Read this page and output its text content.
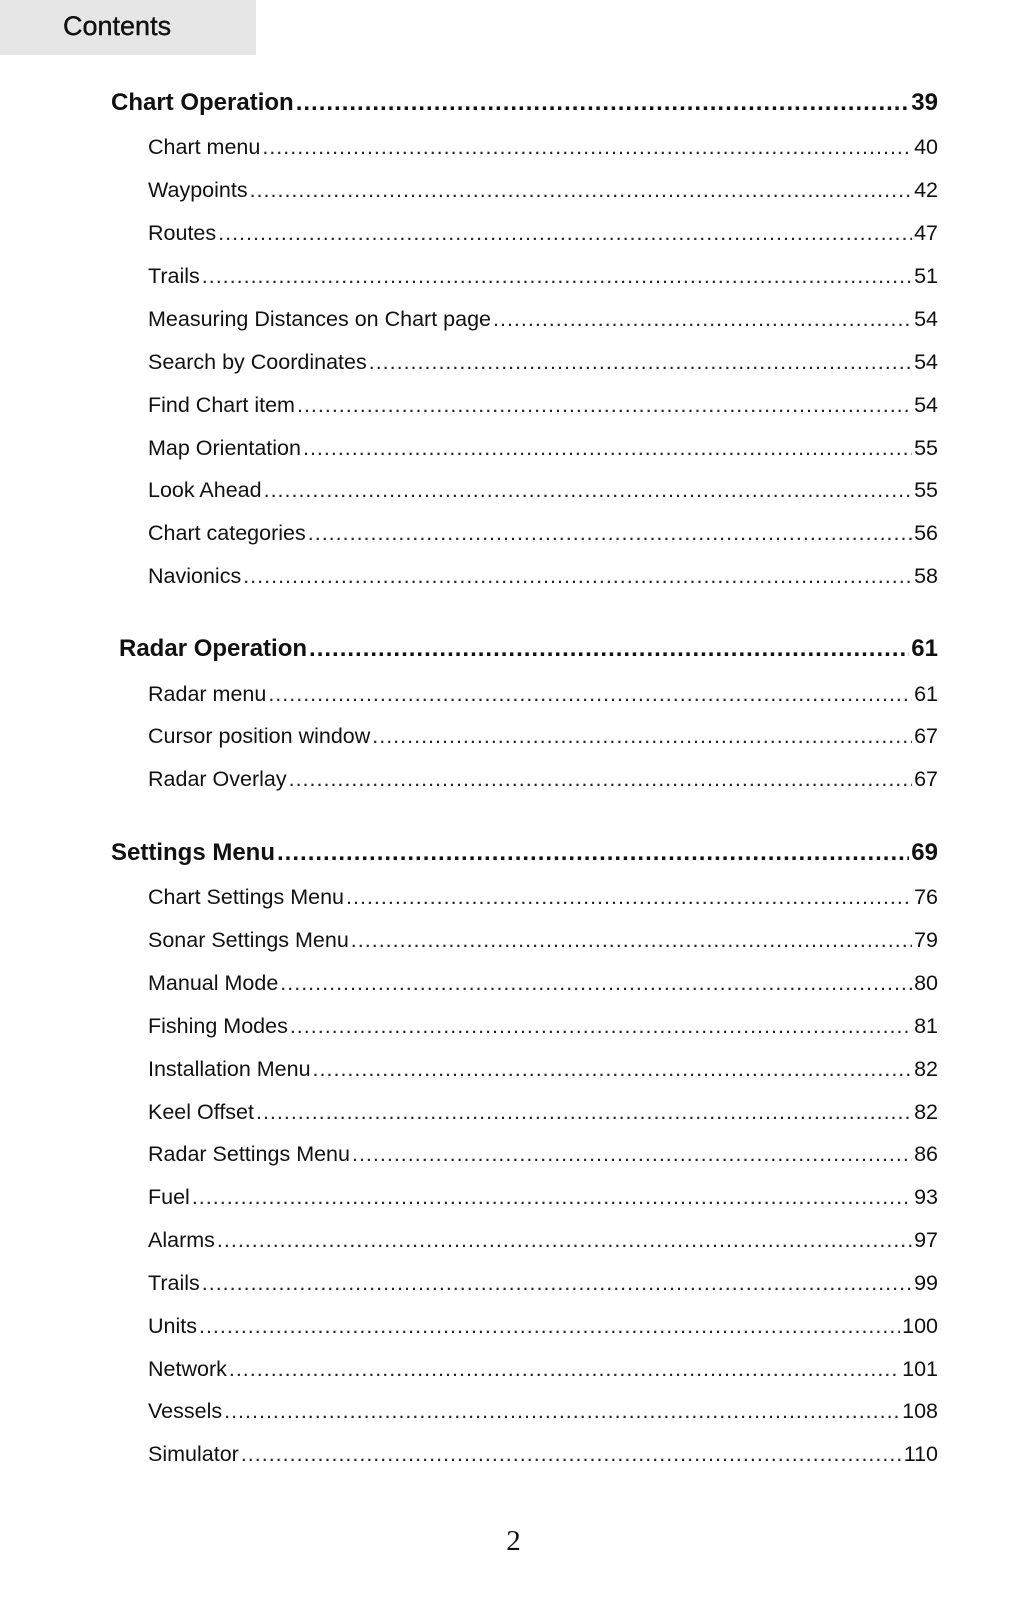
Contents
Chart Operation .....	39
Chart menu .....	40
Waypoints .....	42
Routes .....	47
Trails .....	51
Measuring Distances on Chart page .....	54
Search by Coordinates .....	54
Find Chart item .....	54
Map Orientation .....	55
Look Ahead .....	55
Chart categories .....	56
Navionics .....	58
Radar Operation .....	61
Radar menu .....	61
Cursor position window .....	67
Radar Overlay .....	67
Settings Menu .....	69
Chart Settings Menu .....	76
Sonar Settings Menu .....	79
Manual Mode .....	80
Fishing Modes .....	81
Installation Menu .....	82
Keel Offset .....	82
Radar Settings Menu .....	86
Fuel .....	93
Alarms .....	97
Trails .....	99
Units .....	100
Network .....	101
Vessels .....	108
Simulator .....	110
2
